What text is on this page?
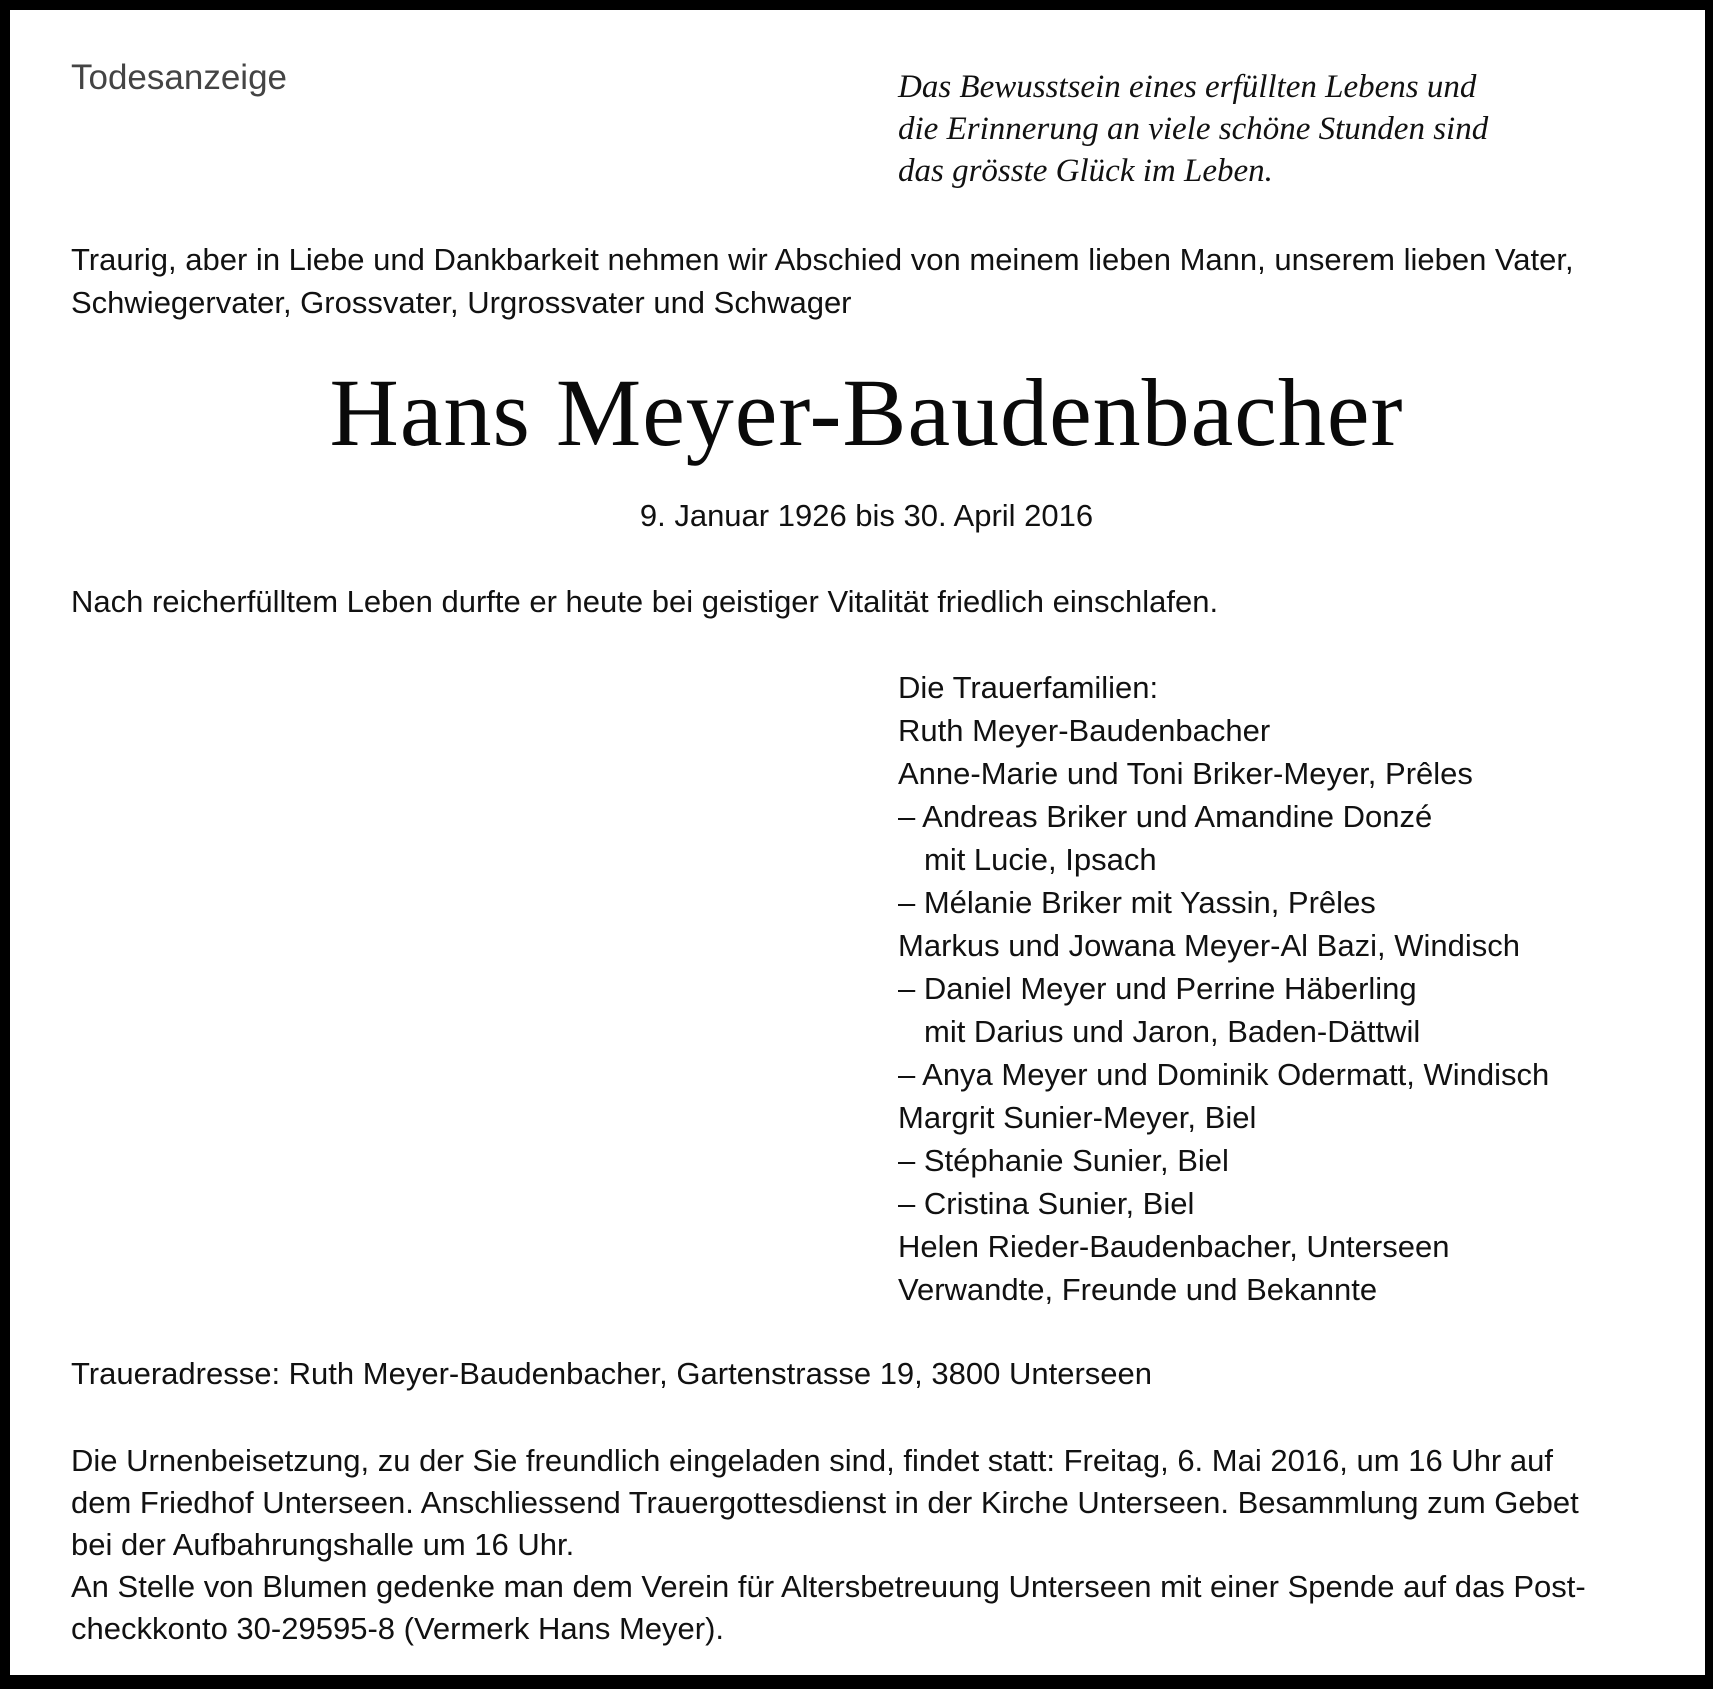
Todesanzeige	Das Bewusstsein eines erfüllten Lebens und
die Erinnerung an viele schöne Stunden sind
das grösste Glück im Leben.

Traurig, aber in Liebe und Dankbarkeit nehmen wir Abschied von meinem lieben Mann, unserem lieben Vater,
Schwiegervater, Grossvater, Urgrossvater und Schwager

Hans Meyer-Baudenbacher

9. Januar 1926 bis 30. April 2016

Nach reicherfülltem Leben durfte er heute bei geistiger Vitalität friedlich einschlafen.

Die Trauerfamilien:
Ruth Meyer-Baudenbacher
Anne-Marie und Toni Briker-Meyer, Prêles
– Andreas Briker und Amandine Donzé
mit Lucie, Ipsach
– Mélanie Briker mit Yassin, Prêles
Markus und Jowana Meyer-Al Bazi, Windisch
– Daniel Meyer und Perrine Häberling
mit Darius und Jaron, Baden-Dättwil
– Anya Meyer und Dominik Odermatt, Windisch
Margrit Sunier-Meyer, Biel
– Stéphanie Sunier, Biel
– Cristina Sunier, Biel
Helen Rieder-Baudenbacher, Unterseen
Verwandte, Freunde und Bekannte

Traueradresse: Ruth Meyer-Baudenbacher, Gartenstrasse 19, 3800 Unterseen

Die Urnenbeisetzung, zu der Sie freundlich eingeladen sind, findet statt: Freitag, 6. Mai 2016, um 16 Uhr auf
dem Friedhof Unterseen. Anschliessend Trauergottesdienst in der Kirche Unterseen. Besammlung zum Gebet
bei der Aufbahrungshalle um 16 Uhr.
An Stelle von Blumen gedenke man dem Verein für Altersbetreuung Unterseen mit einer Spende auf das Post-
checkkonto 30-29595-8 (Vermerk Hans Meyer).
